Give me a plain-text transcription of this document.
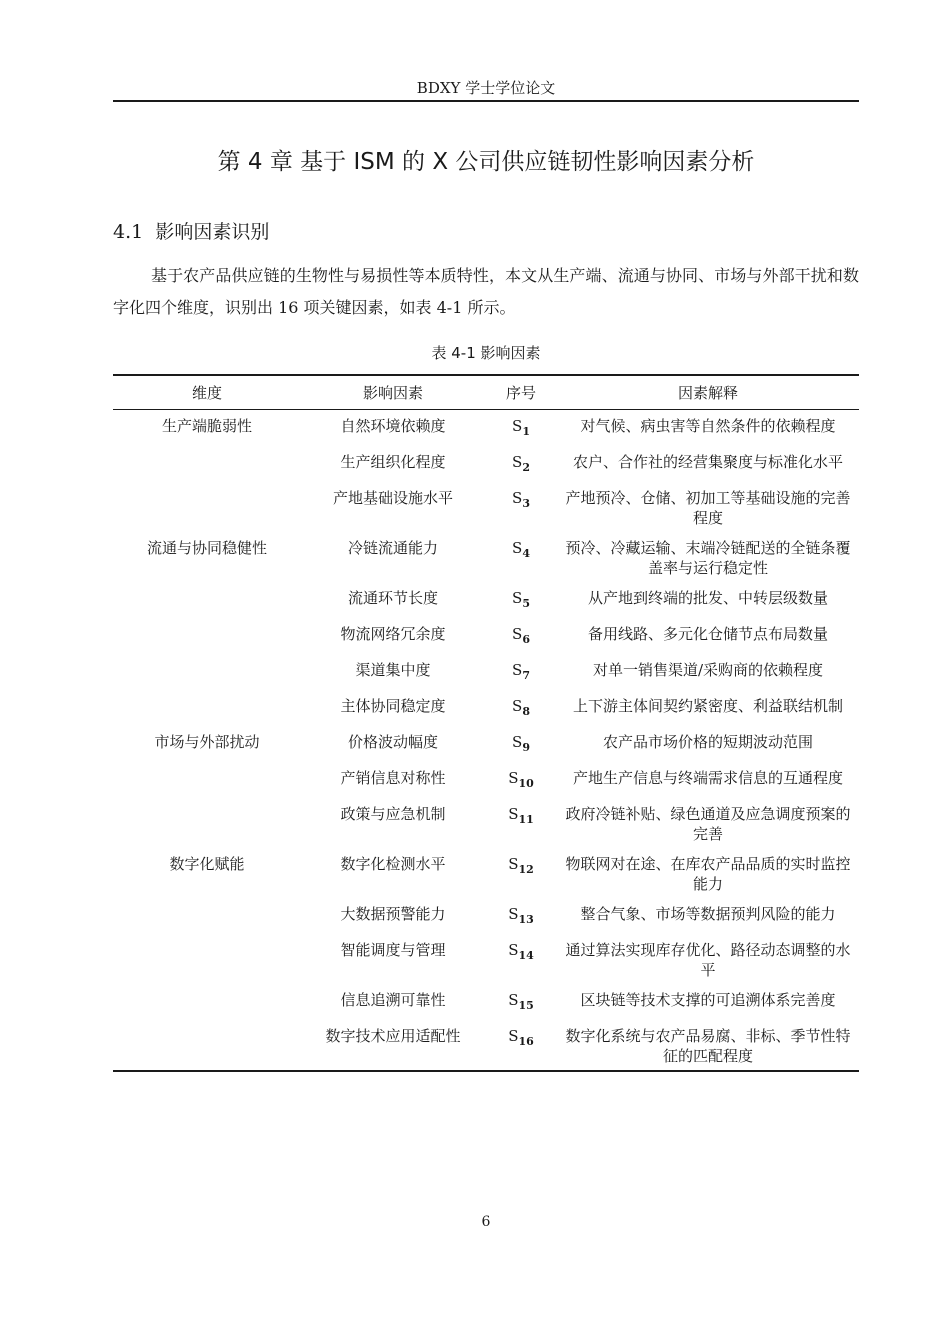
BDXY 学士学位论文
第 4 章 基于 ISM 的 X 公司供应链韧性影响因素分析
4.1 影响因素识别

基于农产品供应链的生物性与易损性等本质特性，本文从生产端、流通与协同、市场与外部干扰和数字化四个维度，识别出 16 项关键因素，如表 4-1 所示。

表 4-1 影响因素
维度	影响因素	序号	因素解释
生产端脆弱性	自然环境依赖度	$S_1$	对气候、病虫害等自然条件的依赖程度
	生产组织化程度	$S_2$	农户、合作社的经营集聚度与标准化水平
	产地基础设施水平	$S_3$	产地预冷、仓储、初加工等基础设施的完善程度
流通与协同稳健性	冷链流通能力	$S_4$	预冷、冷藏运输、末端冷链配送的全链条覆盖率与运行稳定性
	流通环节长度	$S_5$	从产地到终端的批发、中转层级数量
	物流网络冗余度	$S_6$	备用线路、多元化仓储节点布局数量
	渠道集中度	$S_7$	对单一销售渠道/采购商的依赖程度
	主体协同稳定度	$S_8$	上下游主体间契约紧密度、利益联结机制
市场与外部扰动	价格波动幅度	$S_9$	农产品市场价格的短期波动范围
	产销信息对称性	$S_{10}$	产地生产信息与终端需求信息的互通程度
	政策与应急机制	$S_{11}$	政府冷链补贴、绿色通道及应急调度预案的完善
数字化赋能	数字化检测水平	$S_{12}$	物联网对在途、在库农产品品质的实时监控能力
	大数据预警能力	$S_{13}$	整合气象、市场等数据预判风险的能力
	智能调度与管理	$S_{14}$	通过算法实现库存优化、路径动态调整的水平
	信息追溯可靠性	$S_{15}$	区块链等技术支撑的可追溯体系完善度
	数字技术应用适配性	$S_{16}$	数字化系统与农产品易腐、非标、季节性特征的匹配程度
6
